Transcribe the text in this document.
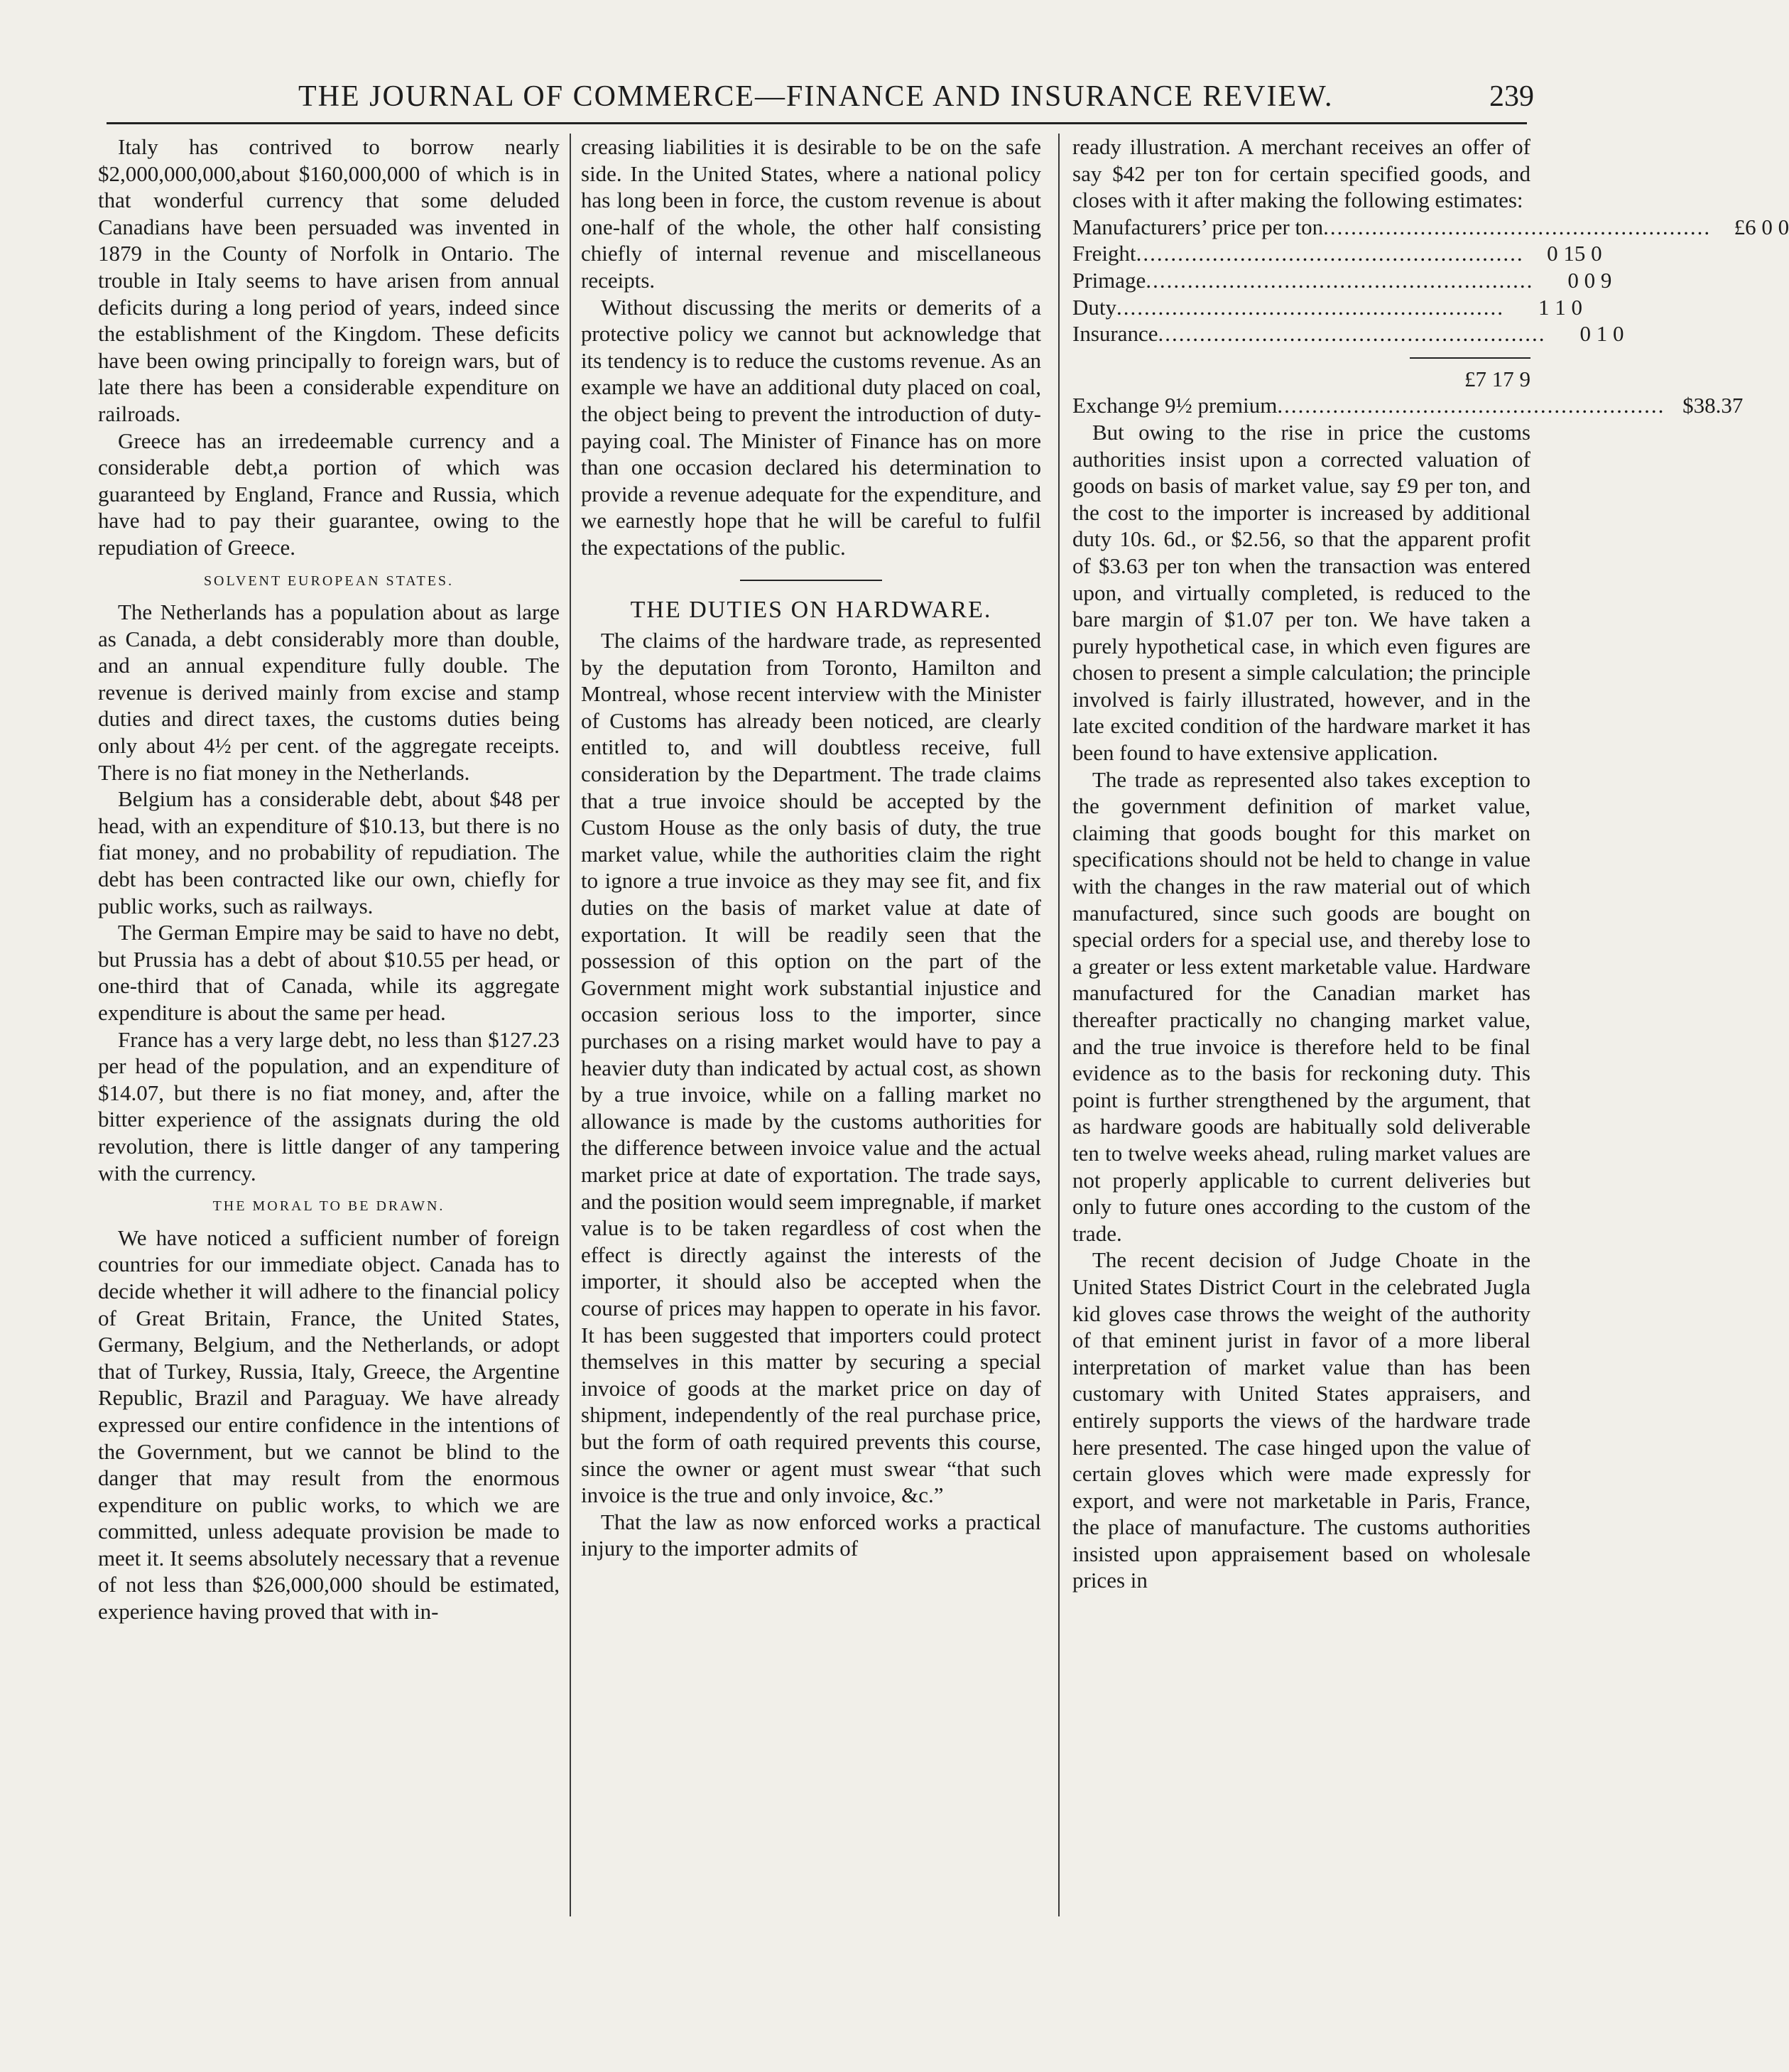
THE JOURNAL OF COMMERCE—FINANCE AND INSURANCE REVIEW.	239

Italy has contrived to borrow nearly $2,000,000,000,about $160,000,000 of which is in that wonderful currency that some deluded Canadians have been persuaded was invented in 1879 in the County of Norfolk in Ontario. The trouble in Italy seems to have arisen from annual deficits during a long period of years, indeed since the establishment of the Kingdom. These deficits have been owing principally to foreign wars, but of late there has been a considerable expenditure on railroads.

Greece has an irredeemable currency and a considerable debt,a portion of which was guaranteed by England, France and Russia, which have had to pay their guarantee, owing to the repudiation of Greece.

SOLVENT EUROPEAN STATES.

The Netherlands has a population about as large as Canada, a debt considerably more than double, and an annual expenditure fully double. The revenue is derived mainly from excise and stamp duties and direct taxes, the customs duties being only about 4½ per cent. of the aggregate receipts. There is no fiat money in the Netherlands.

Belgium has a considerable debt, about $48 per head, with an expenditure of $10.13, but there is no fiat money, and no probability of repudiation. The debt has been contracted like our own, chiefly for public works, such as railways.

The German Empire may be said to have no debt, but Prussia has a debt of about $10.55 per head, or one-third that of Canada, while its aggregate expenditure is about the same per head.

France has a very large debt, no less than $127.23 per head of the population, and an expenditure of $14.07, but there is no fiat money, and, after the bitter experience of the assignats during the old revolution, there is little danger of any tampering with the currency.

THE MORAL TO BE DRAWN.

We have noticed a sufficient number of foreign countries for our immediate object. Canada has to decide whether it will adhere to the financial policy of Great Britain, France, the United States, Germany, Belgium, and the Netherlands, or adopt that of Turkey, Russia, Italy, Greece, the Argentine Republic, Brazil and Paraguay. We have already expressed our entire confidence in the intentions of the Government, but we cannot be blind to the danger that may result from the enormous expenditure on public works, to which we are committed, unless adequate provision be made to meet it. It seems absolutely necessary that a revenue of not less than $26,000,000 should be estimated, experience having proved that with in-

creasing liabilities it is desirable to be on the safe side. In the United States, where a national policy has long been in force, the custom revenue is about one-half of the whole, the other half consisting chiefly of internal revenue and miscellaneous receipts.

Without discussing the merits or demerits of a protective policy we cannot but acknowledge that its tendency is to reduce the customs revenue. As an example we have an additional duty placed on coal, the object being to prevent the introduction of duty-paying coal. The Minister of Finance has on more than one occasion declared his determination to provide a revenue adequate for the expenditure, and we earnestly hope that he will be careful to fulfil the expectations of the public.

THE DUTIES ON HARDWARE.

The claims of the hardware trade, as represented by the deputation from Toronto, Hamilton and Montreal, whose recent interview with the Minister of Customs has already been noticed, are clearly entitled to, and will doubtless receive, full consideration by the Department. The trade claims that a true invoice should be accepted by the Custom House as the only basis of duty, the true market value, while the authorities claim the right to ignore a true invoice as they may see fit, and fix duties on the basis of market value at date of exportation. It will be readily seen that the possession of this option on the part of the Government might work substantial injustice and occasion serious loss to the importer, since purchases on a rising market would have to pay a heavier duty than indicated by actual cost, as shown by a true invoice, while on a falling market no allowance is made by the customs authorities for the difference between invoice value and the actual market price at date of exportation. The trade says, and the position would seem impregnable, if market value is to be taken regardless of cost when the effect is directly against the interests of the importer, it should also be accepted when the course of prices may happen to operate in his favor. It has been suggested that importers could protect themselves in this matter by securing a special invoice of goods at the market price on day of shipment, independently of the real purchase price, but the form of oath required prevents this course, since the owner or agent must swear “that such invoice is the true and only invoice, &c.”

That the law as now enforced works a practical injury to the importer admits of

ready illustration. A merchant receives an offer of say $42 per ton for certain specified goods, and closes with it after making the following estimates:

Manufacturers’ price per ton ........................................................	£6 0 0
Freight ........................................................	0 15 0
Primage ........................................................	0 0 9
Duty ........................................................	1 1 0
Insurance ........................................................	0 1 0
£7 17 9
Exchange 9½ premium ........................................................ $38.37

But owing to the rise in price the customs authorities insist upon a corrected valuation of goods on basis of market value, say £9 per ton, and the cost to the importer is increased by additional duty 10s. 6d., or $2.56, so that the apparent profit of $3.63 per ton when the transaction was entered upon, and virtually completed, is reduced to the bare margin of $1.07 per ton. We have taken a purely hypothetical case, in which even figures are chosen to present a simple calculation; the principle involved is fairly illustrated, however, and in the late excited condition of the hardware market it has been found to have extensive application.

The trade as represented also takes exception to the government definition of market value, claiming that goods bought for this market on specifications should not be held to change in value with the changes in the raw material out of which manufactured, since such goods are bought on special orders for a special use, and thereby lose to a greater or less extent marketable value. Hardware manufactured for the Canadian market has thereafter practically no changing market value, and the true invoice is therefore held to be final evidence as to the basis for reckoning duty. This point is further strengthened by the argument, that as hardware goods are habitually sold deliverable ten to twelve weeks ahead, ruling market values are not properly applicable to current deliveries but only to future ones according to the custom of the trade.

The recent decision of Judge Choate in the United States District Court in the celebrated Jugla kid gloves case throws the weight of the authority of that eminent jurist in favor of a more liberal interpretation of market value than has been customary with United States appraisers, and entirely supports the views of the hardware trade here presented. The case hinged upon the value of certain gloves which were made expressly for export, and were not marketable in Paris, France, the place of manufacture. The customs authorities insisted upon appraisement based on wholesale prices in
